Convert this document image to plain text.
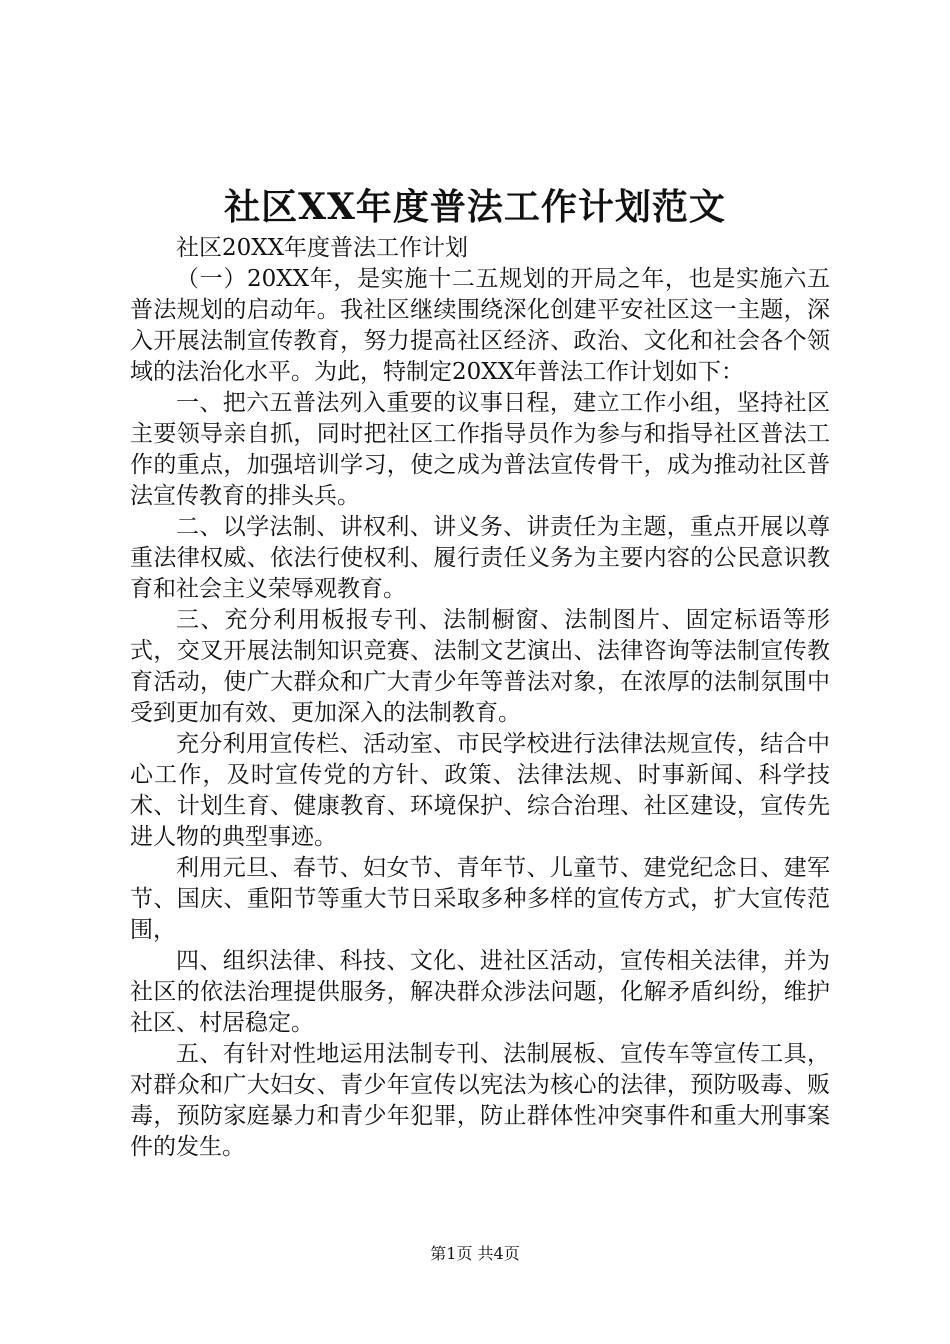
社区XX年度普法工作计划范文

社区20XX年度普法工作计划

（一）20XX年，是实施十二五规划的开局之年，也是实施六五普法规划的启动年。我社区继续围绕深化创建平安社区这一主题，深入开展法制宣传教育，努力提高社区经济、政治、文化和社会各个领域的法治化水平。为此，特制定20XX年普法工作计划如下：

一、把六五普法列入重要的议事日程，建立工作小组，坚持社区主要领导亲自抓，同时把社区工作指导员作为参与和指导社区普法工作的重点，加强培训学习，使之成为普法宣传骨干，成为推动社区普法宣传教育的排头兵。

二、以学法制、讲权利、讲义务、讲责任为主题，重点开展以尊重法律权威、依法行使权利、履行责任义务为主要内容的公民意识教育和社会主义荣辱观教育。

三、充分利用板报专刊、法制橱窗、法制图片、固定标语等形式，交叉开展法制知识竞赛、法制文艺演出、法律咨询等法制宣传教育活动，使广大群众和广大青少年等普法对象，在浓厚的法制氛围中受到更加有效、更加深入的法制教育。

充分利用宣传栏、活动室、市民学校进行法律法规宣传，结合中心工作，及时宣传党的方针、政策、法律法规、时事新闻、科学技术、计划生育、健康教育、环境保护、综合治理、社区建设，宣传先进人物的典型事迹。

利用元旦、春节、妇女节、青年节、儿童节、建党纪念日、建军节、国庆、重阳节等重大节日采取多种多样的宣传方式，扩大宣传范围，

四、组织法律、科技、文化、进社区活动，宣传相关法律，并为社区的依法治理提供服务，解决群众涉法问题，化解矛盾纠纷，维护社区、村居稳定。

五、有针对性地运用法制专刊、法制展板、宣传车等宣传工具，对群众和广大妇女、青少年宣传以宪法为核心的法律，预防吸毒、贩毒，预防家庭暴力和青少年犯罪，防止群体性冲突事件和重大刑事案件的发生。

第1页 共4页
